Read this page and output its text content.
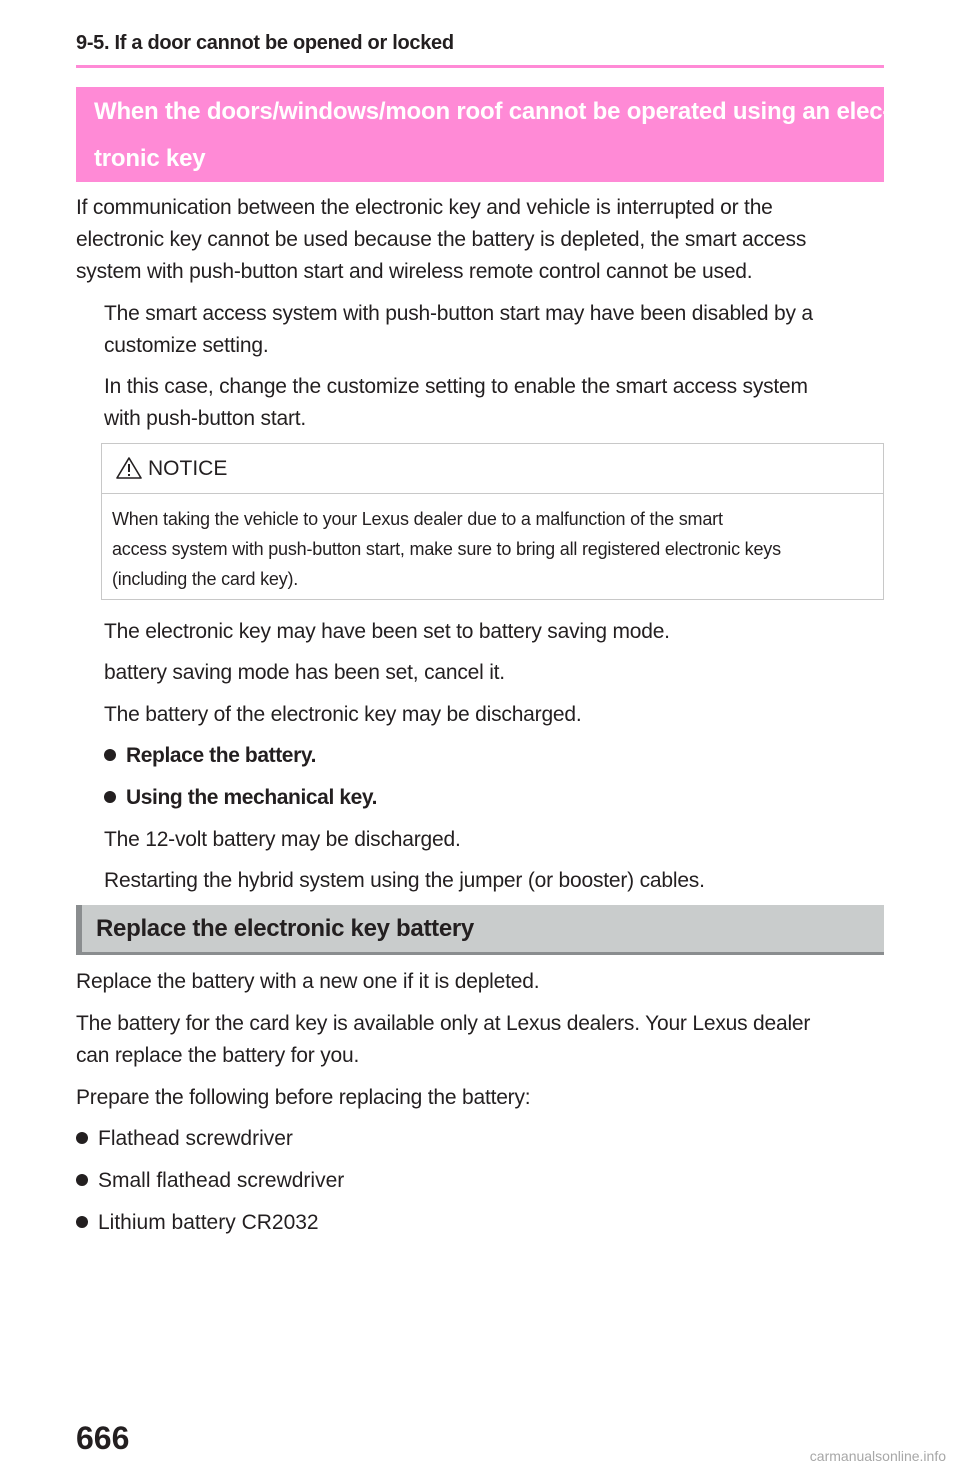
9-5. If a door cannot be opened or locked
When the doors/windows/moon roof cannot be operated using an elec-
tronic key
If communication between the electronic key and vehicle is interrupted or the
electronic key cannot be used because the battery is depleted, the smart access
system with push-button start and wireless remote control cannot be used.
The smart access system with push-button start may have been disabled by a
customize setting.
In this case, change the customize setting to enable the smart access system
with push-button start.
NOTICE
When taking the vehicle to your Lexus dealer due to a malfunction of the smart
access system with push-button start, make sure to bring all registered electronic keys
(including the card key).
The electronic key may have been set to battery saving mode.
battery saving mode has been set, cancel it.
The battery of the electronic key may be discharged.
Replace the battery.
Using the mechanical key.
The 12-volt battery may be discharged.
Restarting the hybrid system using the jumper (or booster) cables.
Replace the electronic key battery
Replace the battery with a new one if it is depleted.
The battery for the card key is available only at Lexus dealers. Your Lexus dealer
can replace the battery for you.
Prepare the following before replacing the battery:
Flathead screwdriver
Small flathead screwdriver
Lithium battery CR2032
666	carmanualsonline.info
